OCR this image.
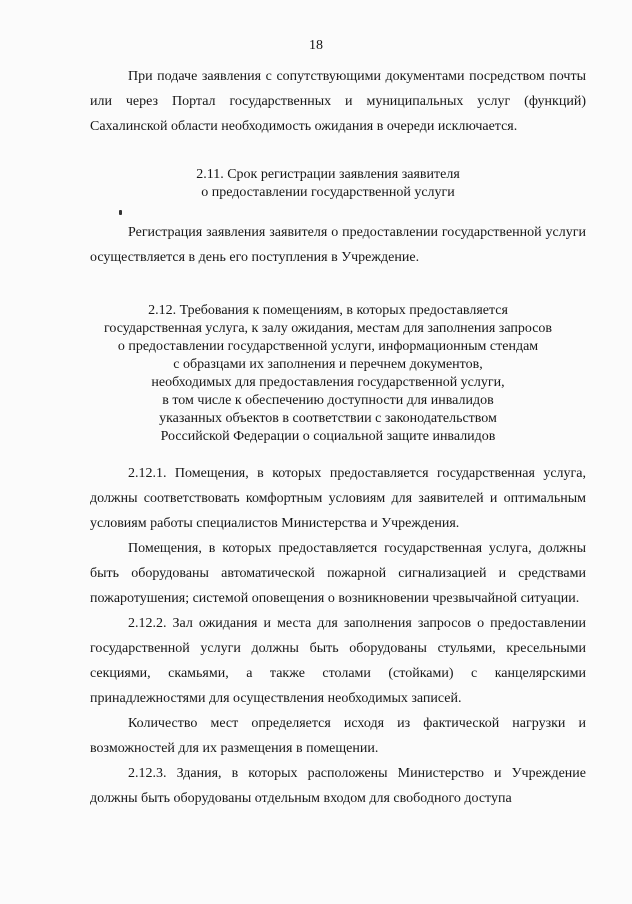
18

При подаче заявления с сопутствующими документами посредством почты или через Портал государственных и муниципальных услуг (функций) Сахалинской области необходимость ожидания в очереди исключается.

2.11. Срок регистрации заявления заявителя
о предоставлении государственной услуги

Регистрация заявления заявителя о предоставлении государственной услуги осуществляется в день его поступления в Учреждение.

2.12. Требования к помещениям, в которых предоставляется
государственная услуга, к залу ожидания, местам для заполнения запросов
о предоставлении государственной услуги, информационным стендам
с образцами их заполнения и перечнем документов,
необходимых для предоставления государственной услуги,
в том числе к обеспечению доступности для инвалидов
указанных объектов в соответствии с законодательством
Российской Федерации о социальной защите инвалидов

2.12.1. Помещения, в которых предоставляется государственная услуга, должны соответствовать комфортным условиям для заявителей и оптимальным условиям работы специалистов Министерства и Учреждения.

Помещения, в которых предоставляется государственная услуга, должны быть оборудованы автоматической пожарной сигнализацией и средствами пожаротушения; системой оповещения о возникновении чрезвычайной ситуации.

2.12.2. Зал ожидания и места для заполнения запросов о предоставлении государственной услуги должны быть оборудованы стульями, кресельными секциями, скамьями, а также столами (стойками) с канцелярскими принадлежностями для осуществления необходимых записей.

Количество мест определяется исходя из фактической нагрузки и возможностей для их размещения в помещении.

2.12.3. Здания, в которых расположены Министерство и Учреждение должны быть оборудованы отдельным входом для свободного доступа
